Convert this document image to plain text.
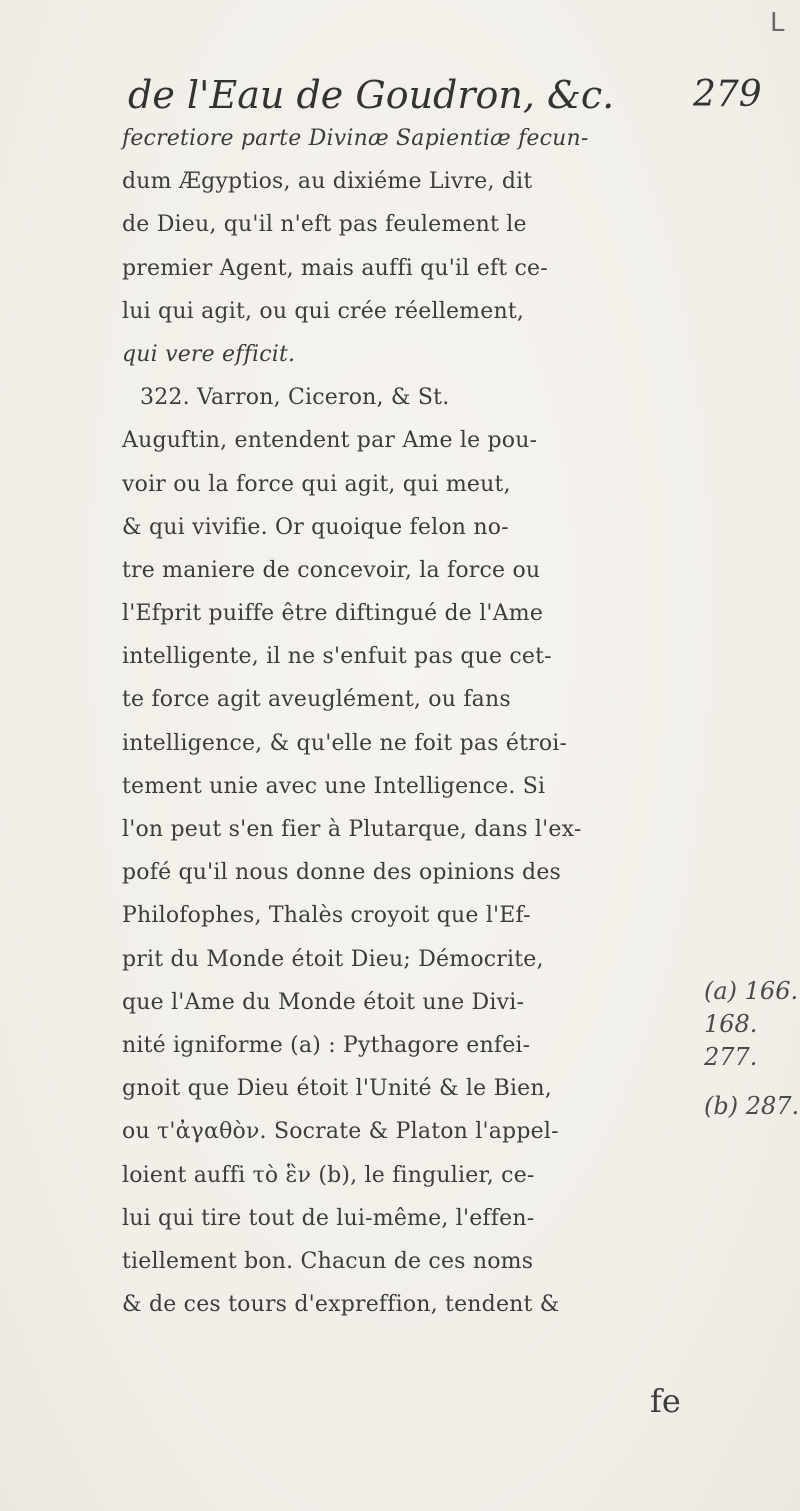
L
de l'Eau de Goudron, &c.	279
fecretiore parte Divinæ Sapientiæ fecun-
dum Ægyptios, au dixiéme Livre, dit
de Dieu, qu'il n'eft pas feulement le
premier Agent, mais auffi qu'il eft ce-
lui qui agit, ou qui crée réellement,
qui vere efficit.
322. Varron, Ciceron, & St.
Auguftin, entendent par Ame le pou-
voir ou la force qui agit, qui meut,
& qui vivifie. Or quoique felon no-
tre maniere de concevoir, la force ou
l'Efprit puiffe être diftingué de l'Ame
intelligente, il ne s'enfuit pas que cet-
te force agit aveuglément, ou fans
intelligence, & qu'elle ne foit pas étroi-
tement unie avec une Intelligence. Si
l'on peut s'en fier à Plutarque, dans l'ex-
pofé qu'il nous donne des opinions des
Philofophes, Thalès croyoit que l'Ef-
prit du Monde étoit Dieu; Démocrite,
que l'Ame du Monde étoit une Divi-
nité igniforme (a) : Pythagore enfei-
gnoit que Dieu étoit l'Unité & le Bien,
ou τ'ἀγαθὸν. Socrate & Platon l'appel-
loient auffi τὸ ἓν (b), le fingulier, ce-
lui qui tire tout de lui-même, l'effen-
tiellement bon. Chacun de ces noms
& de ces tours d'expreffion, tendent &
(a) 166.
168.
277.
(b) 287.
fe
